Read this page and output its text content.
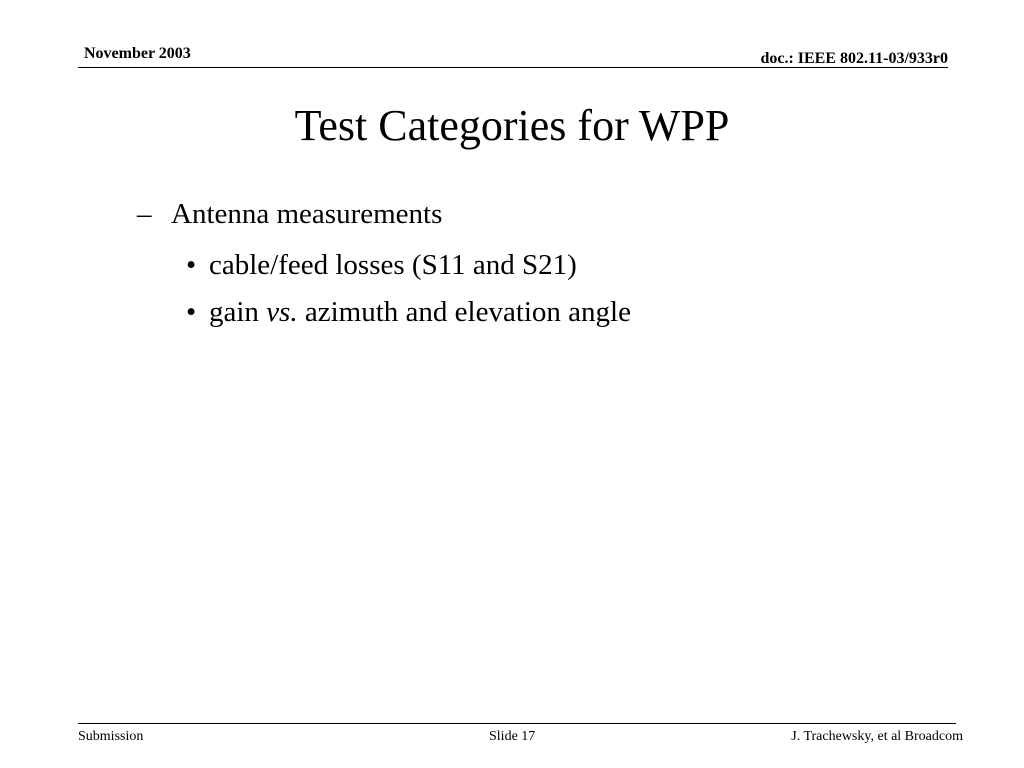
November 2003	doc.: IEEE 802.11-03/933r0
Test Categories for WPP
– Antenna measurements
• cable/feed losses (S11 and S21)
• gain vs. azimuth and elevation angle
Submission	Slide 17	J. Trachewsky, et al Broadcom
